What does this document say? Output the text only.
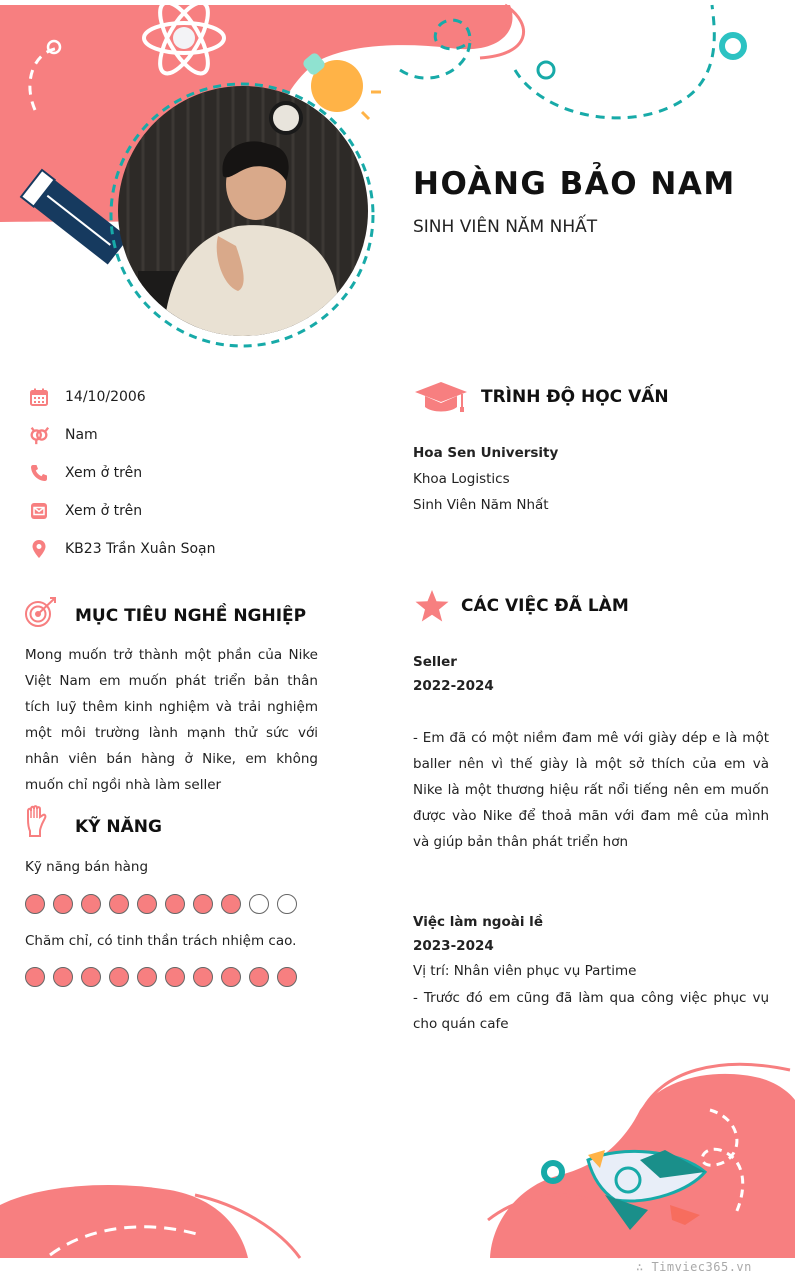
HOÀNG BẢO NAM
SINH VIÊN NĂM NHẤT
14/10/2006
Nam
Xem ở trên
Xem ở trên
KB23 Trần Xuân Soạn
MỤC TIÊU NGHỀ NGHIỆP
Mong muốn trở thành một phần của Nike Việt Nam em muốn phát triển bản thân tích luỹ thêm kinh nghiệm và trải nghiệm một môi trường lành mạnh thử sức với nhân viên bán hàng ở Nike, em không muốn chỉ ngồi nhà làm seller
KỸ NĂNG
Kỹ năng bán hàng
Chăm chỉ, có tinh thần trách nhiệm cao.
TRÌNH ĐỘ HỌC VẤN
Hoa Sen University
Khoa Logistics
Sinh Viên Năm Nhất
CÁC VIỆC ĐÃ LÀM
Seller
2022-2024
- Em đã có một niềm đam mê với giày dép e là một baller nên vì thế giày là một sở thích của em và Nike là một thương hiệu rất nổi tiếng nên em muốn được vào Nike để thoả mãn với đam mê của mình và giúp bản thân phát triển hơn
Việc làm ngoài lề
2023-2024
Vị trí: Nhân viên phục vụ Partime
- Trước đó em cũng đã làm qua công việc phục vụ cho quán cafe
∴ Timviec365.vn
